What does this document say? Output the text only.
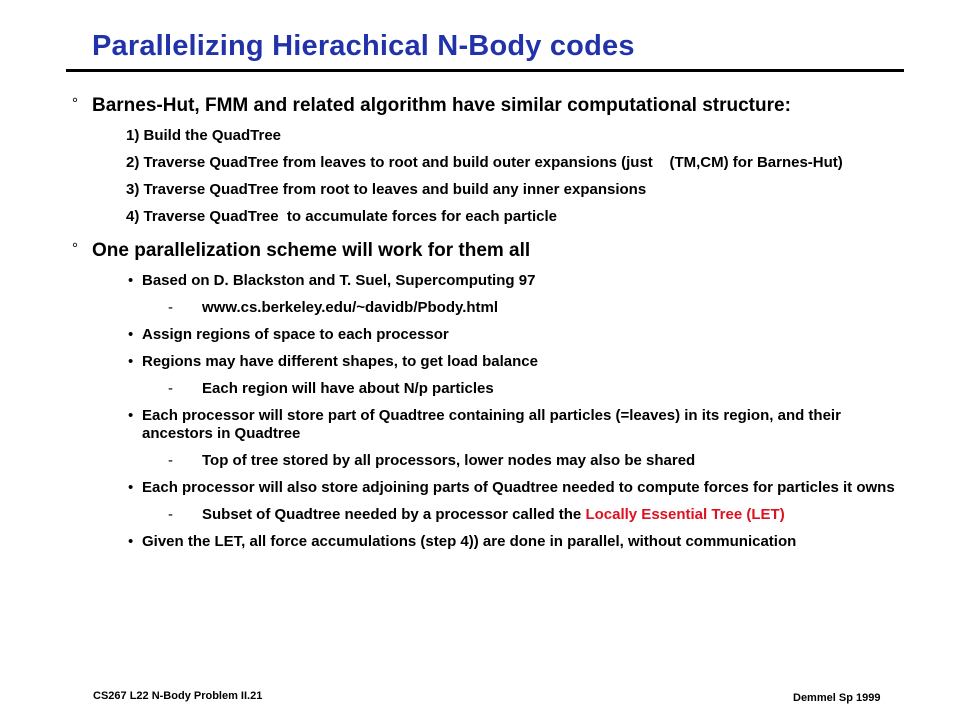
Parallelizing Hierachical N-Body codes
° Barnes-Hut, FMM and related algorithm have similar computational structure:
1) Build the QuadTree
2) Traverse QuadTree from leaves to root and build outer expansions (just    (TM,CM) for Barnes-Hut)
3) Traverse QuadTree from root to leaves and build any inner expansions
4) Traverse QuadTree  to accumulate forces for each particle
° One parallelization scheme will work for them all
• Based on D. Blackston and T. Suel, Supercomputing 97
- www.cs.berkeley.edu/~davidb/Pbody.html
• Assign regions of space to each processor
• Regions may have different shapes, to get load balance
- Each region will have about N/p particles
• Each processor will store part of Quadtree containing all particles (=leaves) in its region, and their ancestors in Quadtree
- Top of tree stored by all processors, lower nodes may also be shared
• Each processor will also store adjoining parts of Quadtree needed to compute forces for particles it owns
- Subset of Quadtree needed by a processor called the Locally Essential Tree (LET)
• Given the LET, all force accumulations (step 4)) are done in parallel, without communication
CS267 L22 N-Body Problem II.21	Demmel Sp 1999
